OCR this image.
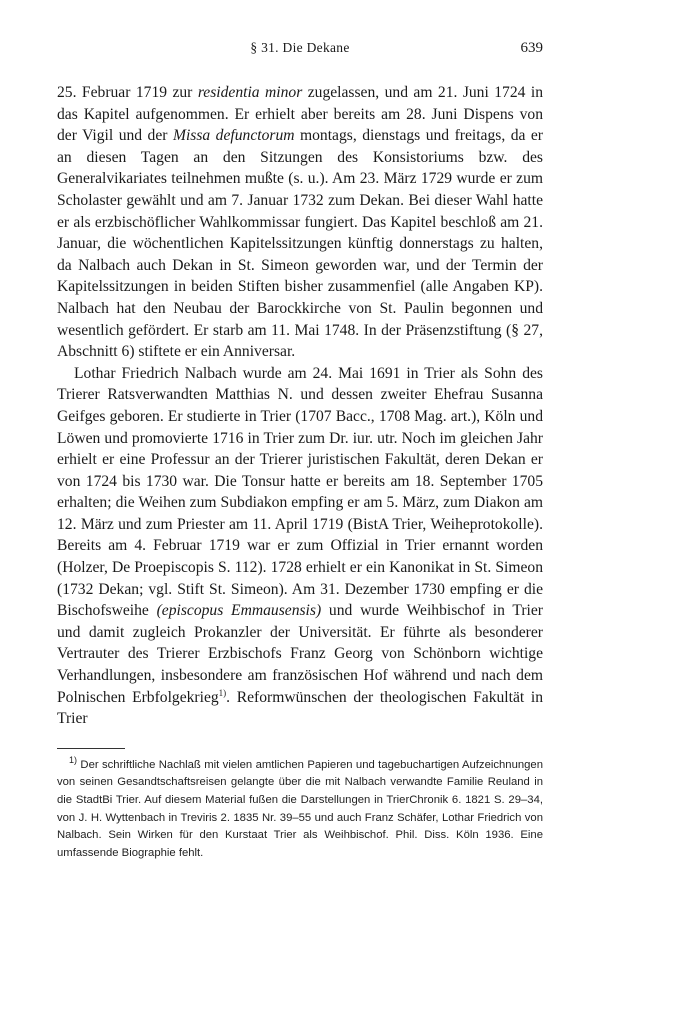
§ 31. Die Dekane	639

25. Februar 1719 zur residentia minor zugelassen, und am 21. Juni 1724 in das Kapitel aufgenommen. Er erhielt aber bereits am 28. Juni Dispens von der Vigil und der Missa defunctorum montags, dienstags und freitags, da er an diesen Tagen an den Sitzungen des Konsistoriums bzw. des Generalvikariates teilnehmen mußte (s. u.). Am 23. März 1729 wurde er zum Scholaster gewählt und am 7. Januar 1732 zum Dekan. Bei dieser Wahl hatte er als erzbischöflicher Wahlkommissar fungiert. Das Kapitel beschloß am 21. Januar, die wöchentlichen Kapitelssitzungen künftig donnerstags zu halten, da Nalbach auch Dekan in St. Simeon geworden war, und der Termin der Kapitelssitzungen in beiden Stiften bisher zusammenfiel (alle Angaben KP). Nalbach hat den Neubau der Barockkirche von St. Paulin begonnen und wesentlich gefördert. Er starb am 11. Mai 1748. In der Präsenzstiftung (§ 27, Abschnitt 6) stiftete er ein Anniversar.

Lothar Friedrich Nalbach wurde am 24. Mai 1691 in Trier als Sohn des Trierer Ratsverwandten Matthias N. und dessen zweiter Ehefrau Susanna Geifges geboren. Er studierte in Trier (1707 Bacc., 1708 Mag. art.), Köln und Löwen und promovierte 1716 in Trier zum Dr. iur. utr. Noch im gleichen Jahr erhielt er eine Professur an der Trierer juristischen Fakultät, deren Dekan er von 1724 bis 1730 war. Die Tonsur hatte er bereits am 18. September 1705 erhalten; die Weihen zum Subdiakon empfing er am 5. März, zum Diakon am 12. März und zum Priester am 11. April 1719 (BistA Trier, Weiheprotokolle). Bereits am 4. Februar 1719 war er zum Offizial in Trier ernannt worden (Holzer, De Proepiscopis S. 112). 1728 erhielt er ein Kanonikat in St. Simeon (1732 Dekan; vgl. Stift St. Simeon). Am 31. Dezember 1730 empfing er die Bischofsweihe (episcopus Emmausensis) und wurde Weihbischof in Trier und damit zugleich Prokanzler der Universität. Er führte als besonderer Vertrauter des Trierer Erzbischofs Franz Georg von Schönborn wichtige Verhandlungen, insbesondere am französischen Hof während und nach dem Polnischen Erbfolgekrieg$^{1)}$. Reformwünschen der theologischen Fakultät in Trier

$^{1)}$ Der schriftliche Nachlaß mit vielen amtlichen Papieren und tagebuchartigen Aufzeichnungen von seinen Gesandtschaftsreisen gelangte über die mit Nalbach verwandte Familie Reuland in die StadtBi Trier. Auf diesem Material fußen die Darstellungen in TrierChronik 6. 1821 S. 29–34, von J. H. Wyttenbach in Treviris 2. 1835 Nr. 39–55 und auch Franz Schäfer, Lothar Friedrich von Nalbach. Sein Wirken für den Kurstaat Trier als Weihbischof. Phil. Diss. Köln 1936. Eine umfassende Biographie fehlt.
